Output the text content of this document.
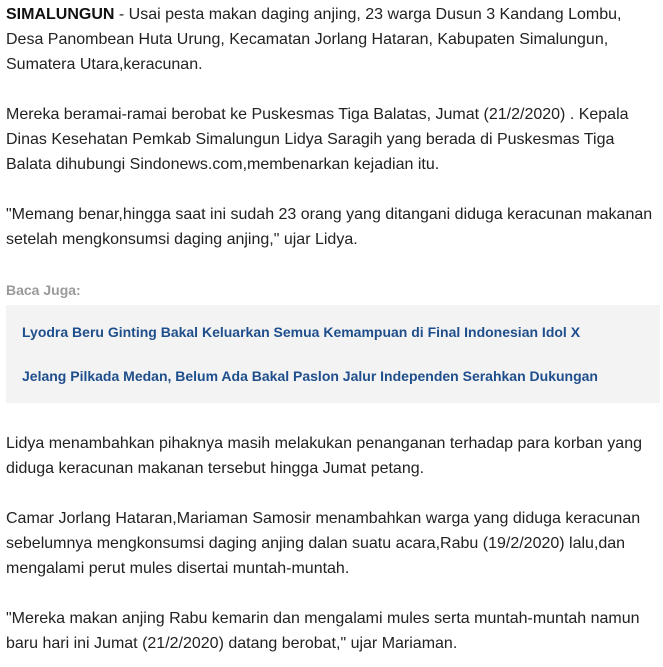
SIMALUNGUN - Usai pesta makan daging anjing, 23 warga Dusun 3 Kandang Lombu, Desa Panombean Huta Urung, Kecamatan Jorlang Hataran, Kabupaten Simalungun, Sumatera Utara,keracunan.

Mereka beramai-ramai berobat ke Puskesmas Tiga Balatas, Jumat (21/2/2020) . Kepala Dinas Kesehatan Pemkab Simalungun Lidya Saragih yang berada di Puskesmas Tiga Balata dihubungi Sindonews.com,membenarkan kejadian itu.

"Memang benar,hingga saat ini sudah 23 orang yang ditangani diduga keracunan makanan setelah mengkonsumsi daging anjing," ujar Lidya.

Baca Juga:
Lyodra Beru Ginting Bakal Keluarkan Semua Kemampuan di Final Indonesian Idol X
Jelang Pilkada Medan, Belum Ada Bakal Paslon Jalur Independen Serahkan Dukungan

Lidya menambahkan pihaknya masih melakukan penanganan terhadap para korban yang diduga keracunan makanan tersebut hingga Jumat petang.

Camar Jorlang Hataran,Mariaman Samosir menambahkan warga yang diduga keracunan sebelumnya mengkonsumsi daging anjing dalan suatu acara,Rabu (19/2/2020) lalu,dan mengalami perut mules disertai muntah-muntah.

"Mereka makan anjing Rabu kemarin dan mengalami mules serta muntah-muntah namun baru hari ini Jumat (21/2/2020) datang berobat," ujar Mariaman.
